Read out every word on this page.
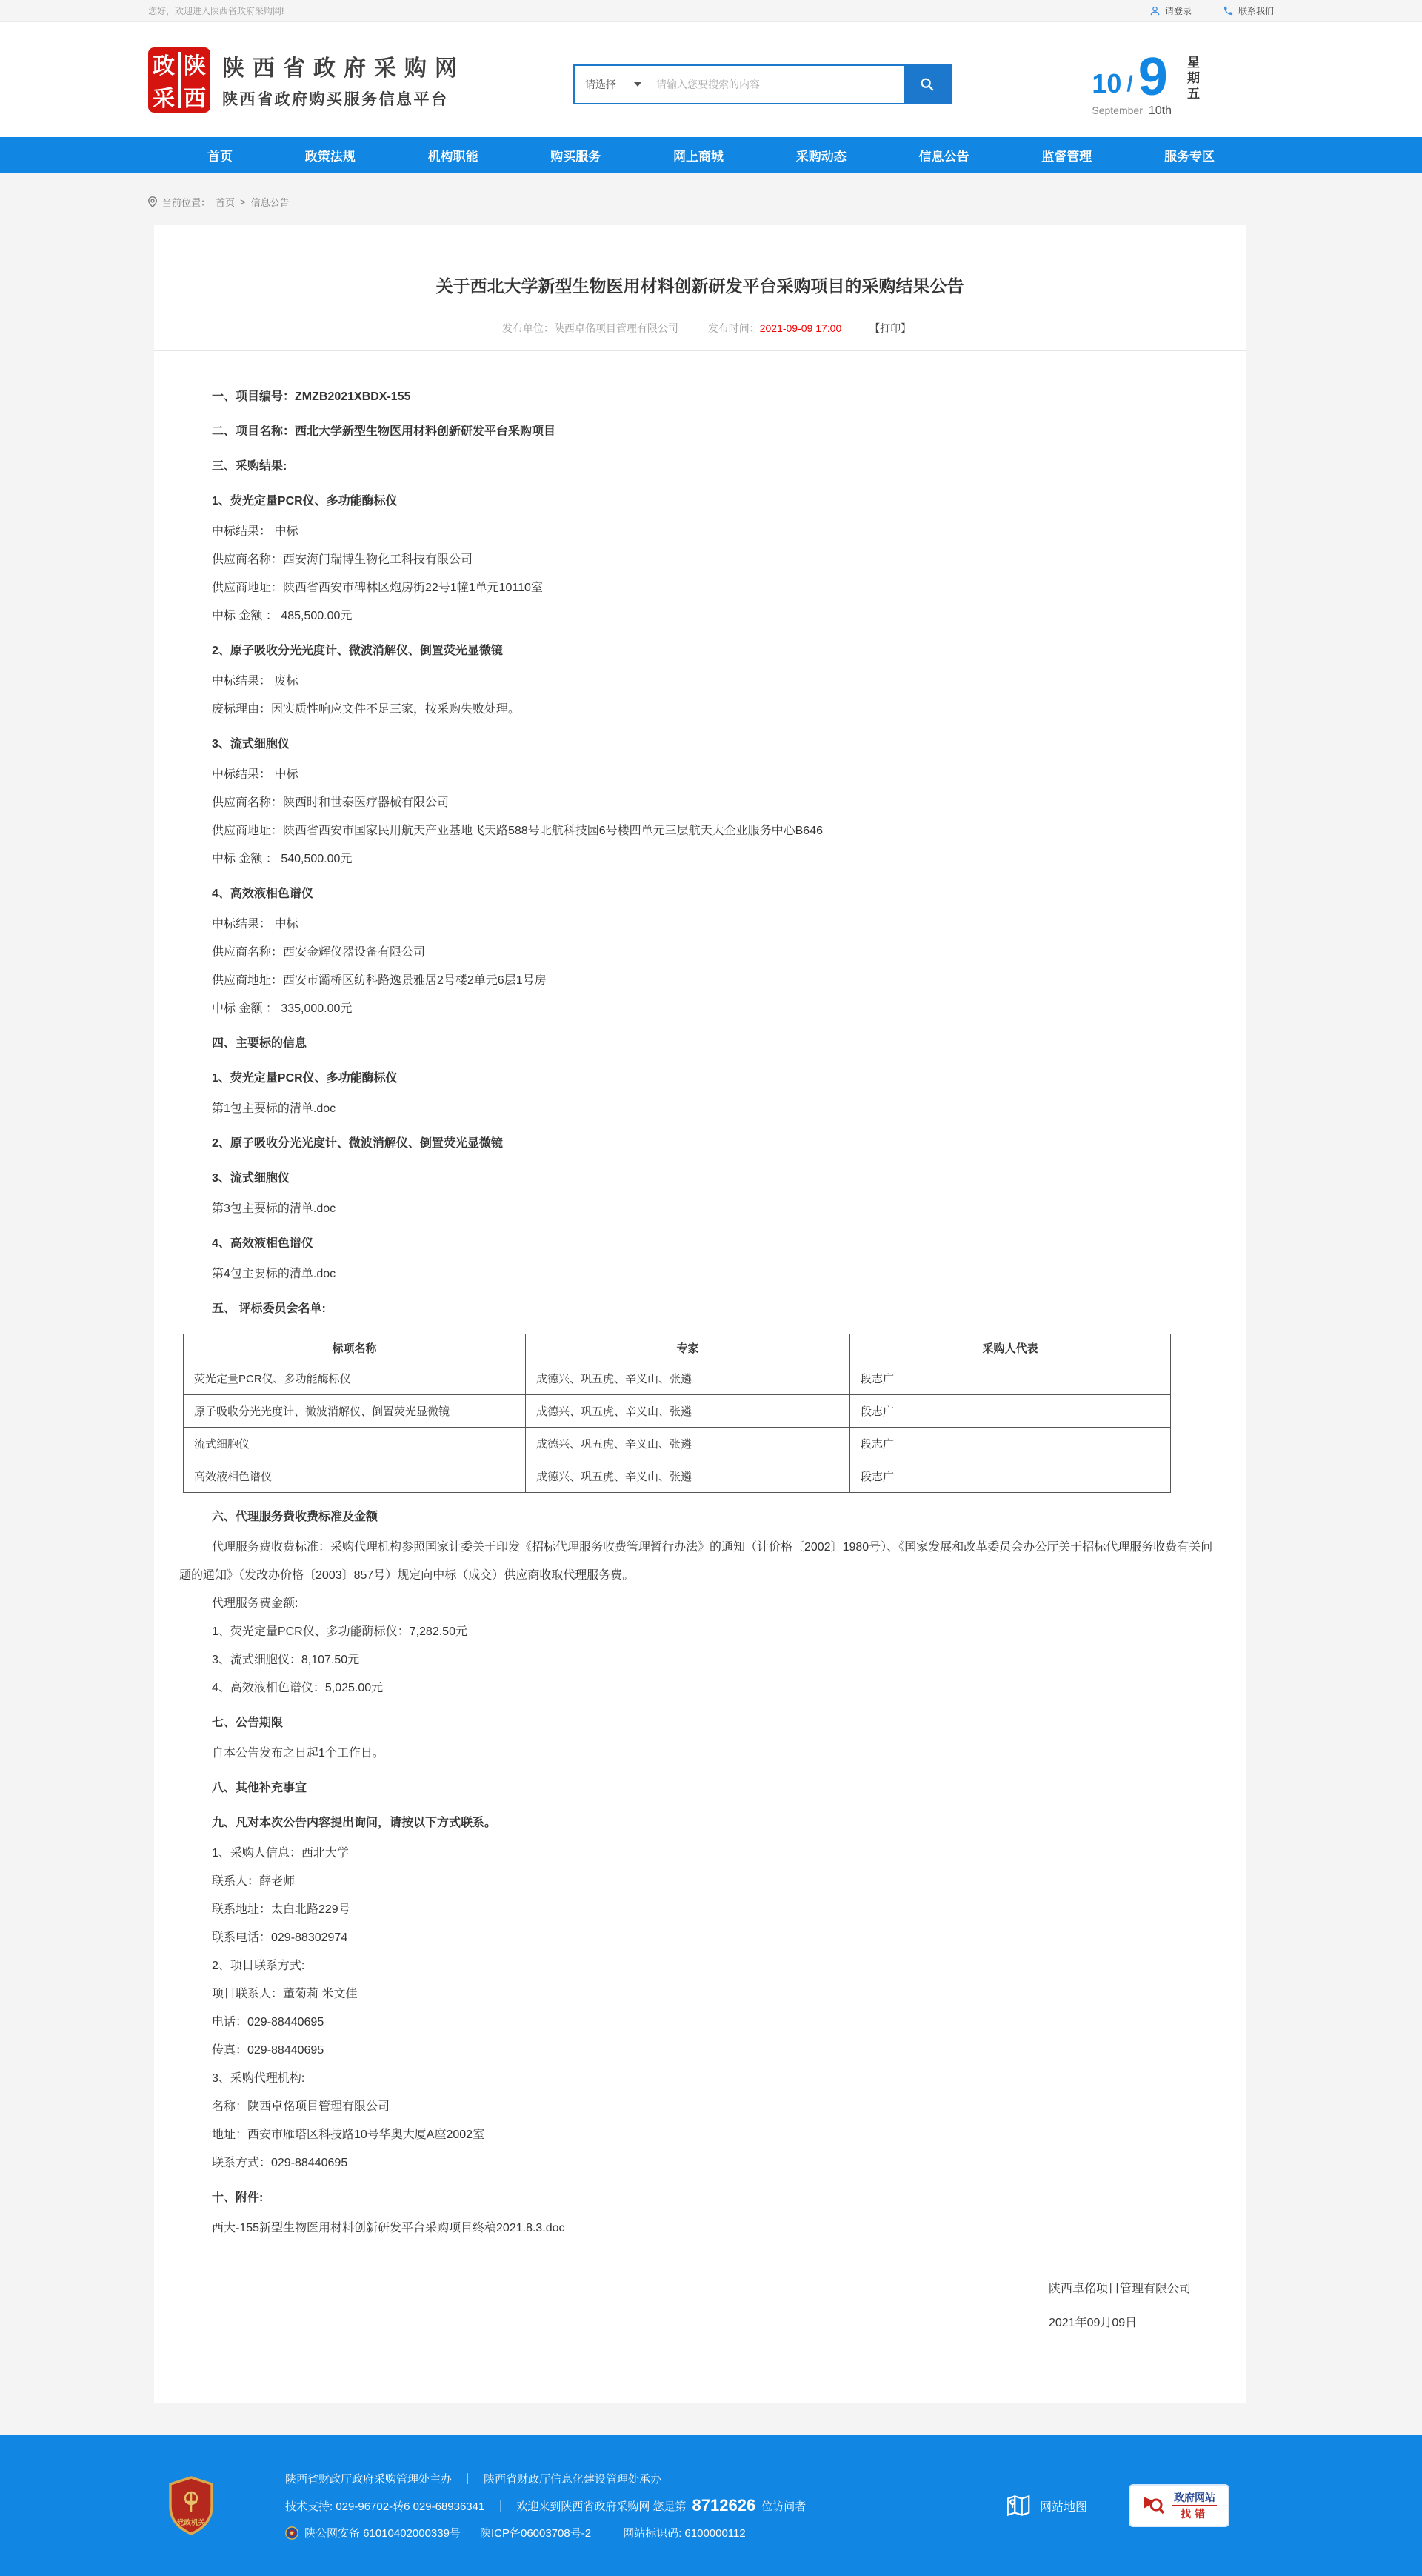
您好，欢迎进入陕西省政府采购网!	请登录	联系我们
政 陕
采 西
陕西省政府采购网
陕西省政府购买服务信息平台
请选择
请输入您要搜索的内容	10 / 9
September 10th
星期五
首页	政策法规	机构职能	购买服务	网上商城	采购动态	信息公告	监督管理	服务专区
当前位置： 首页 > 信息公告
关于西北大学新型生物医用材料创新研发平台采购项目的采购结果公告
发布单位：陕西卓佲项目管理有限公司	发布时间：2021-09-09 17:00	【打印】

一、项目编号：ZMZB2021XBDX-155

二、项目名称：西北大学新型生物医用材料创新研发平台采购项目

三、采购结果:

1、荧光定量PCR仪、多功能酶标仪

中标结果： 中标

供应商名称：西安海门瑞博生物化工科技有限公司

供应商地址：陕西省西安市碑林区炮房街22号1幢1单元10110室

中标 金额 ： 485,500.00元

2、原子吸收分光光度计、微波消解仪、倒置荧光显微镜

中标结果： 废标

废标理由：因实质性响应文件不足三家，按采购失败处理。

3、流式细胞仪

中标结果： 中标

供应商名称：陕西时和世泰医疗器械有限公司

供应商地址：陕西省西安市国家民用航天产业基地飞天路588号北航科技园6号楼四单元三层航天大企业服务中心B646

中标 金额 ： 540,500.00元

4、高效液相色谱仪

中标结果： 中标

供应商名称：西安金辉仪器设备有限公司

供应商地址：西安市灞桥区纺科路逸景雅居2号楼2单元6层1号房

中标 金额 ： 335,000.00元

四、主要标的信息

1、荧光定量PCR仪、多功能酶标仪

第1包主要标的清单.doc

2、原子吸收分光光度计、微波消解仪、倒置荧光显微镜

3、流式细胞仪

第3包主要标的清单.doc

4、高效液相色谱仪

第4包主要标的清单.doc

五、 评标委员会名单:

标项名称	专家	采购人代表
荧光定量PCR仪、多功能酶标仪	成德兴、巩五虎、辛义山、张遴	段志广
原子吸收分光光度计、微波消解仪、倒置荧光显微镜	成德兴、巩五虎、辛义山、张遴	段志广
流式细胞仪	成德兴、巩五虎、辛义山、张遴	段志广
高效液相色谱仪	成德兴、巩五虎、辛义山、张遴	段志广

六、代理服务费收费标准及金额

代理服务费收费标准：采购代理机构参照国家计委关于印发《招标代理服务收费管理暂行办法》的通知（计价格〔2002〕1980号）、《国家发展和改革委员会办公厅关于招标代理服务收费有关问题的通知》（发改办价格〔2003〕857号）规定向中标（成交）供应商收取代理服务费。

代理服务费金额:

1、荧光定量PCR仪、多功能酶标仪：7,282.50元

3、流式细胞仪：8,107.50元

4、高效液相色谱仪：5,025.00元

七、公告期限

自本公告发布之日起1个工作日。

八、其他补充事宜

九、凡对本次公告内容提出询问，请按以下方式联系。

1、采购人信息：西北大学

联系人：薛老师

联系地址：太白北路229号

联系电话：029-88302974

2、项目联系方式:

项目联系人：董菊莉 米文佳

电话：029-88440695

传真：029-88440695

3、采购代理机构:

名称：陕西卓佲项目管理有限公司

地址：西安市雁塔区科技路10号华奥大厦A座2002室

联系方式：029-88440695

十、附件:

西大-155新型生物医用材料创新研发平台采购项目终稿2021.8.3.doc

陕西卓佲项目管理有限公司
2021年09月09日
党政机关
陕西省财政厅政府采购管理处主办 ｜ 陕西省财政厅信息化建设管理处承办
技术支持: 029-96702-转6 029-68936341 ｜ 欢迎来到陕西省政府采购网 您是第 8712626 位访问者
陕公网安备 61010402000339号 陕ICP备06003708号-2 ｜ 网站标识码: 6100000112
网站地图
政府网站
找错
